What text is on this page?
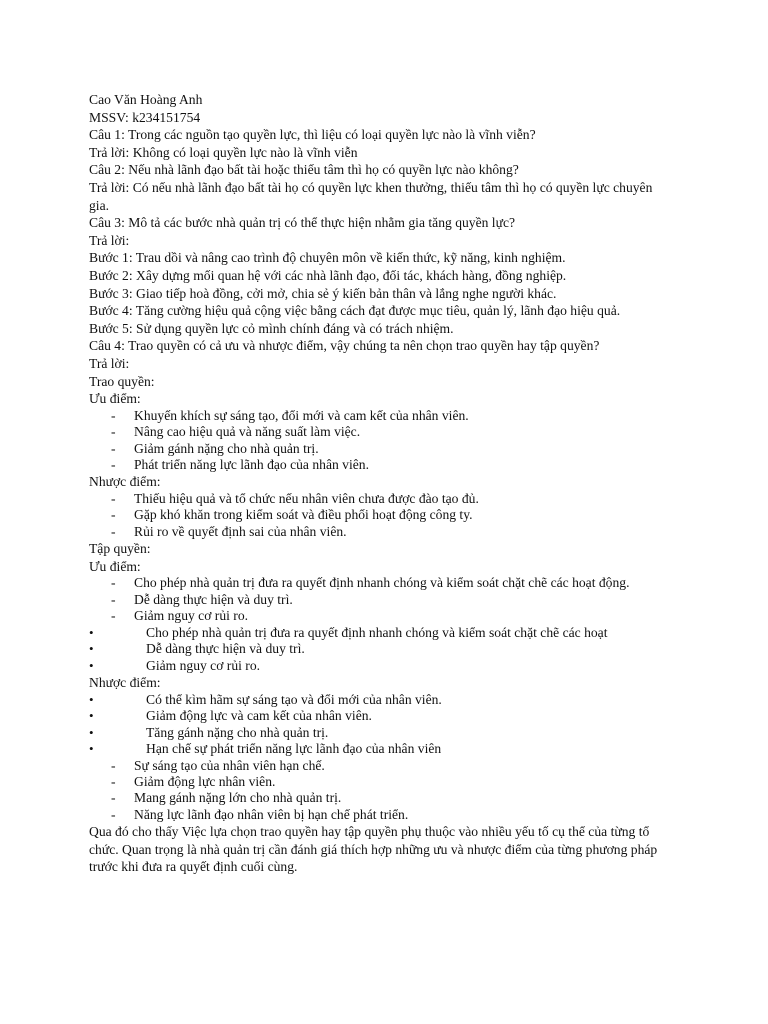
Cao Văn Hoàng Anh
MSSV: k234151754
Câu 1: Trong các nguồn tạo quyền lực, thì liệu có loại quyền lực nào là vĩnh viễn?
Trả lời: Không có loại quyền lực nào là vĩnh viễn
Câu 2: Nếu nhà lãnh đạo bất tài hoặc thiếu tâm thì họ có quyền lực nào không?
Trả lời: Có nếu nhà lãnh đạo bất tài họ có quyền lực khen thưởng, thiếu tâm thì họ có quyền lực chuyên gia.
Câu 3: Mô tả các bước nhà quản trị có thể thực hiện nhằm gia tăng quyền lực?
Trả lời:
Bước 1: Trau dồi và nâng cao trình độ chuyên môn về kiến thức, kỹ năng, kinh nghiệm.
Bước 2: Xây dựng mối quan hệ với các nhà lãnh đạo, đối tác, khách hàng, đồng nghiệp.
Bước 3: Giao tiếp hoà đồng, cởi mở, chia sẻ ý kiến bản thân và lắng nghe người khác.
Bước 4: Tăng cường hiệu quả cộng việc bằng cách đạt được mục tiêu, quản lý, lãnh đạo hiệu quả.
Bước 5: Sử dụng quyền lực cỏ mình chính đáng và có trách nhiệm.
Câu 4: Trao quyền có cả ưu và nhược điểm, vậy chúng ta nên chọn trao quyền hay tập quyền?
Trả lời:
Trao quyền:
Ưu điểm:
- Khuyến khích sự sáng tạo, đổi mới và cam kết của nhân viên.
- Nâng cao hiệu quả và năng suất làm việc.
- Giảm gánh nặng cho nhà quản trị.
- Phát triển năng lực lãnh đạo của nhân viên.
Nhược điểm:
- Thiếu hiệu quả và tổ chức nếu nhân viên chưa được đào tạo đủ.
- Gặp khó khăn trong kiểm soát và điều phối hoạt động công ty.
- Rủi ro về quyết định sai của nhân viên.
Tập quyền:
Ưu điểm:
- Cho phép nhà quản trị đưa ra quyết định nhanh chóng và kiểm soát chặt chẽ các hoạt động.
- Dễ dàng thực hiện và duy trì.
- Giảm nguy cơ rủi ro.
•	Cho phép nhà quản trị đưa ra quyết định nhanh chóng và kiểm soát chặt chẽ các hoạt
•	Dễ dàng thực hiện và duy trì.
•	Giảm nguy cơ rủi ro.
Nhược điểm:
•	Có thể kìm hãm sự sáng tạo và đổi mới của nhân viên.
•	Giảm động lực và cam kết của nhân viên.
•	Tăng gánh nặng cho nhà quản trị.
•	Hạn chế sự phát triển năng lực lãnh đạo của nhân viên
- Sự sáng tạo của nhân viên hạn chế.
- Giảm động lực nhân viên.
- Mang gánh nặng lớn cho nhà quản trị.
- Năng lực lãnh đạo nhân viên bị hạn chế phát triển.
Qua đó cho thấy Việc lựa chọn trao quyền hay tập quyền phụ thuộc vào nhiều yếu tố cụ thể của từng tổ chức. Quan trọng là nhà quản trị cần đánh giá thích hợp những ưu và nhược điểm của từng phương pháp trước khi đưa ra quyết định cuối cùng.
